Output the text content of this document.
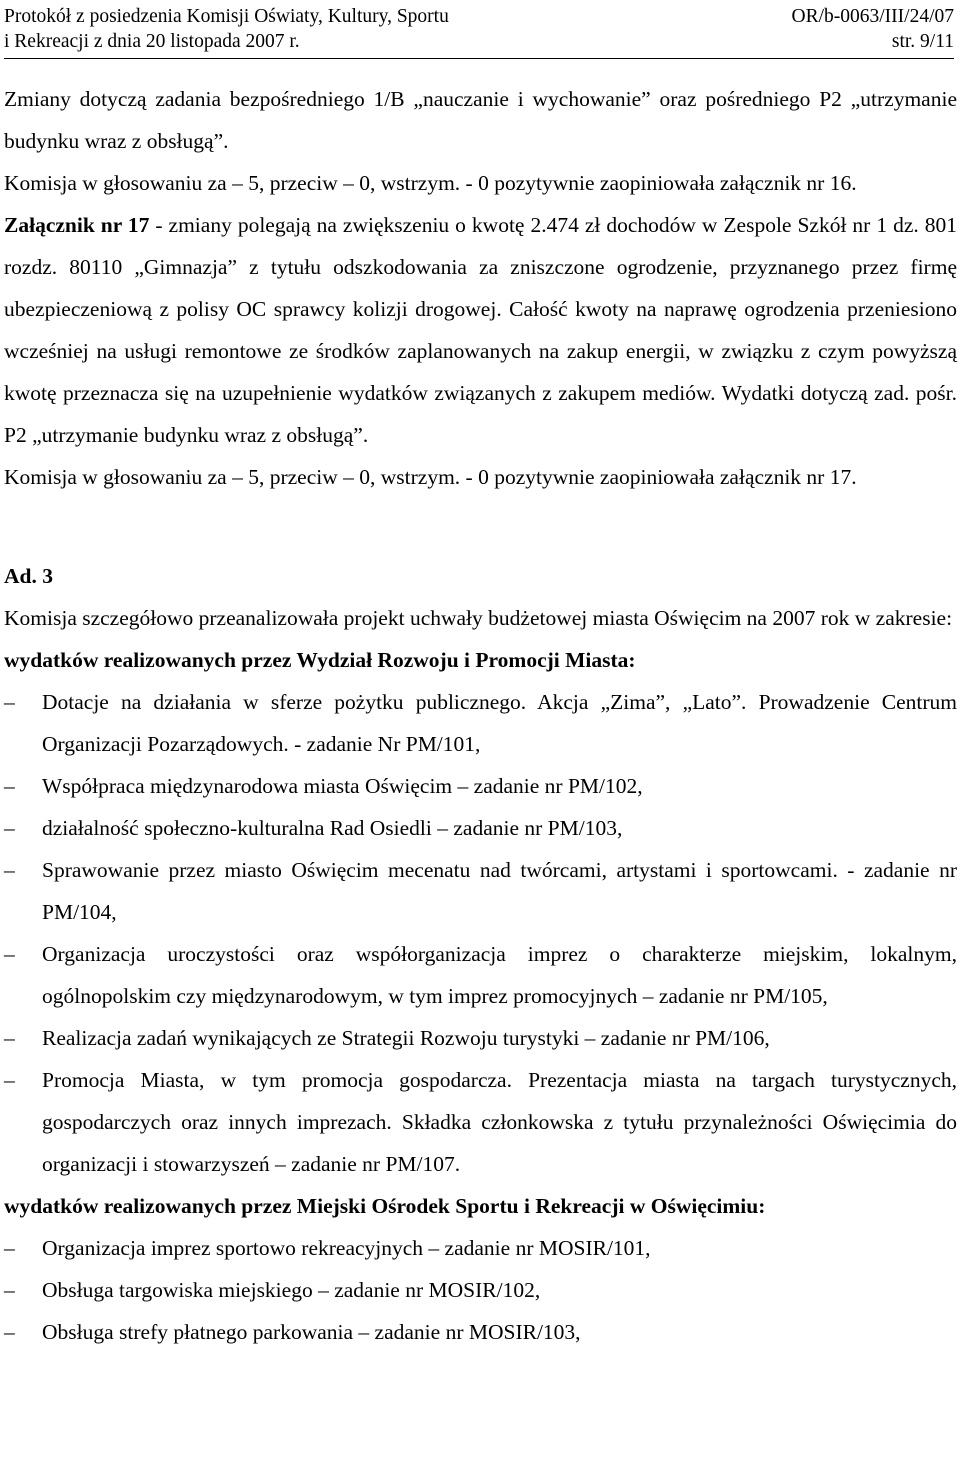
Protokół z posiedzenia Komisji Oświaty, Kultury, Sportu	OR/b-0063/III/24/07
i Rekreacji z dnia 20 listopada 2007 r.	str. 9/11

Zmiany dotyczą zadania bezpośredniego 1/B „nauczanie i wychowanie” oraz pośredniego P2 „utrzymanie budynku wraz z obsługą”.

Komisja w głosowaniu za – 5, przeciw – 0, wstrzym. - 0 pozytywnie zaopiniowała załącznik nr 16.

Załącznik nr 17 - zmiany polegają na zwiększeniu o kwotę 2.474 zł dochodów w Zespole Szkół nr 1 dz. 801 rozdz. 80110 „Gimnazja” z tytułu odszkodowania za zniszczone ogrodzenie, przyznanego przez firmę ubezpieczeniową z polisy OC sprawcy kolizji drogowej. Całość kwoty na naprawę ogrodzenia przeniesiono wcześniej na usługi remontowe ze środków zaplanowanych na zakup energii, w związku z czym powyższą kwotę przeznacza się na uzupełnienie wydatków związanych z zakupem mediów. Wydatki dotyczą zad. pośr. P2 „utrzymanie budynku wraz z obsługą”.

Komisja w głosowaniu za – 5, przeciw – 0, wstrzym. - 0 pozytywnie zaopiniowała załącznik nr 17.

Ad. 3

Komisja szczegółowo przeanalizowała projekt uchwały budżetowej miasta Oświęcim na 2007 rok w zakresie:

wydatków realizowanych przez Wydział Rozwoju i Promocji Miasta:
–	Dotacje na działania w sferze pożytku publicznego. Akcja „Zima”, „Lato”. Prowadzenie Centrum Organizacji Pozarządowych. - zadanie Nr PM/101,
–	Współpraca międzynarodowa miasta Oświęcim – zadanie nr PM/102,
–	działalność społeczno-kulturalna Rad Osiedli – zadanie nr PM/103,
–	Sprawowanie przez miasto Oświęcim mecenatu nad twórcami, artystami i sportowcami. - zadanie nr PM/104,
–	Organizacja uroczystości oraz współorganizacja imprez o charakterze miejskim, lokalnym, ogólnopolskim czy międzynarodowym, w tym imprez promocyjnych – zadanie nr PM/105,
–	Realizacja zadań wynikających ze Strategii Rozwoju turystyki – zadanie nr PM/106,
–	Promocja Miasta, w tym promocja gospodarcza. Prezentacja miasta na targach turystycznych, gospodarczych oraz innych imprezach. Składka członkowska z tytułu przynależności Oświęcimia do organizacji i stowarzyszeń – zadanie nr PM/107.
wydatków realizowanych przez Miejski Ośrodek Sportu i Rekreacji w Oświęcimiu:
–	Organizacja imprez sportowo rekreacyjnych – zadanie nr MOSIR/101,
–	Obsługa targowiska miejskiego – zadanie nr MOSIR/102,
–	Obsługa strefy płatnego parkowania – zadanie nr MOSIR/103,
